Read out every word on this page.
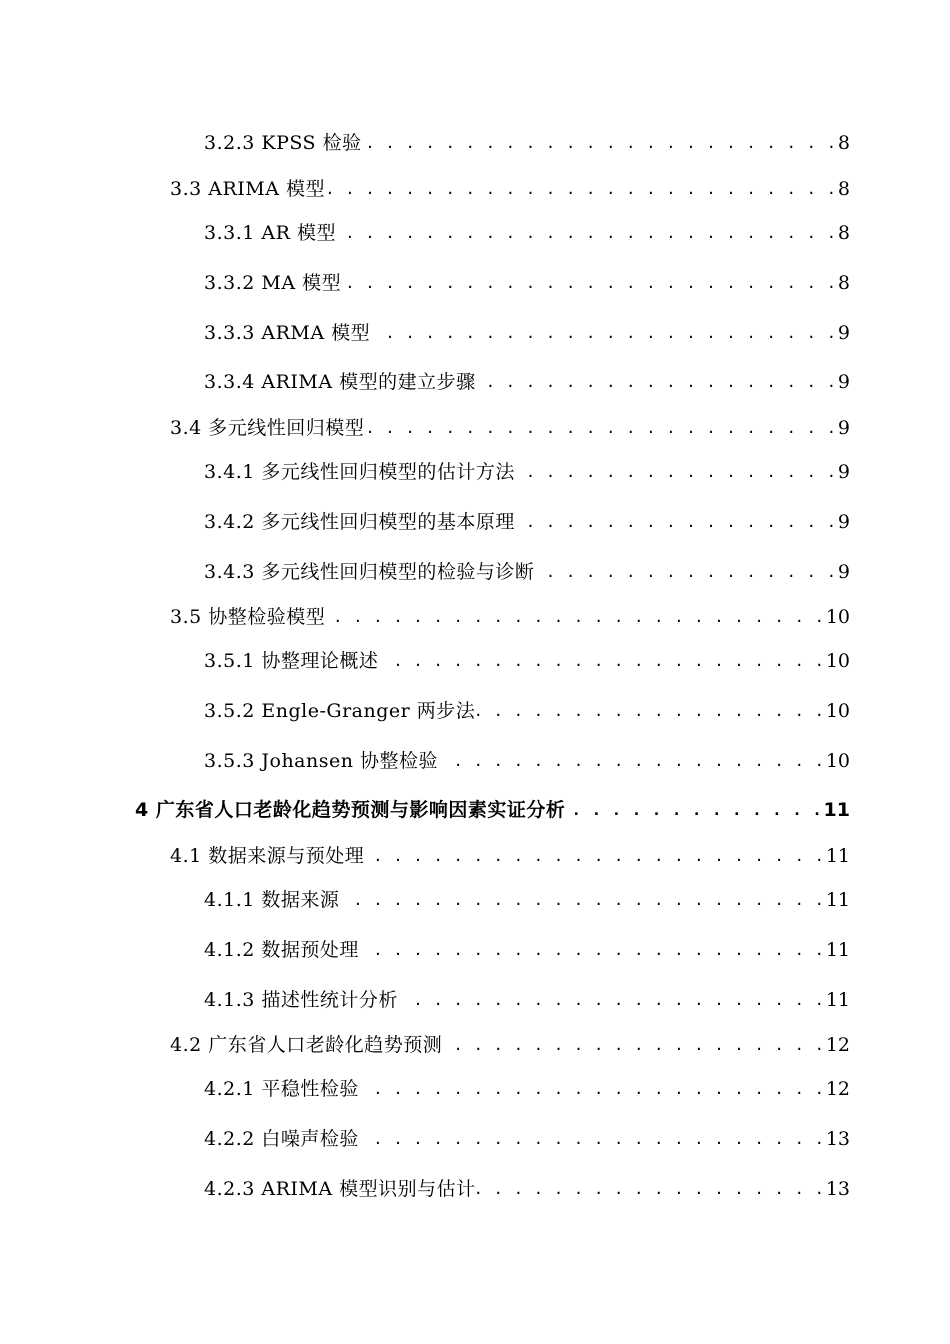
3.2.3 KPSS 检验 . . .	8
3.3 ARIMA 模型 . . .	8
3.3.1 AR 模型 . . .	8
3.3.2 MA 模型 . . .	8
3.3.3 ARMA 模型 . . .	9
3.3.4 ARIMA 模型的建立步骤 . . .	9
3.4 多元线性回归模型 . . .	9
3.4.1 多元线性回归模型的估计方法 . . .	9
3.4.2 多元线性回归模型的基本原理 . . .	9
3.4.3 多元线性回归模型的检验与诊断 . . .	9
3.5 协整检验模型 . . .	10
3.5.1 协整理论概述 . . .	10
3.5.2 Engle-Granger 两步法 . . .	10
3.5.3 Johansen 协整检验 . . .	10
4 广东省人口老龄化趋势预测与影响因素实证分析 . . .	11
4.1 数据来源与预处理 . . .	11
4.1.1 数据来源 . . .	11
4.1.2 数据预处理 . . .	11
4.1.3 描述性统计分析 . . .	11
4.2 广东省人口老龄化趋势预测 . . .	12
4.2.1 平稳性检验 . . .	12
4.2.2 白噪声检验 . . .	13
4.2.3 ARIMA 模型识别与估计 . . .	13
